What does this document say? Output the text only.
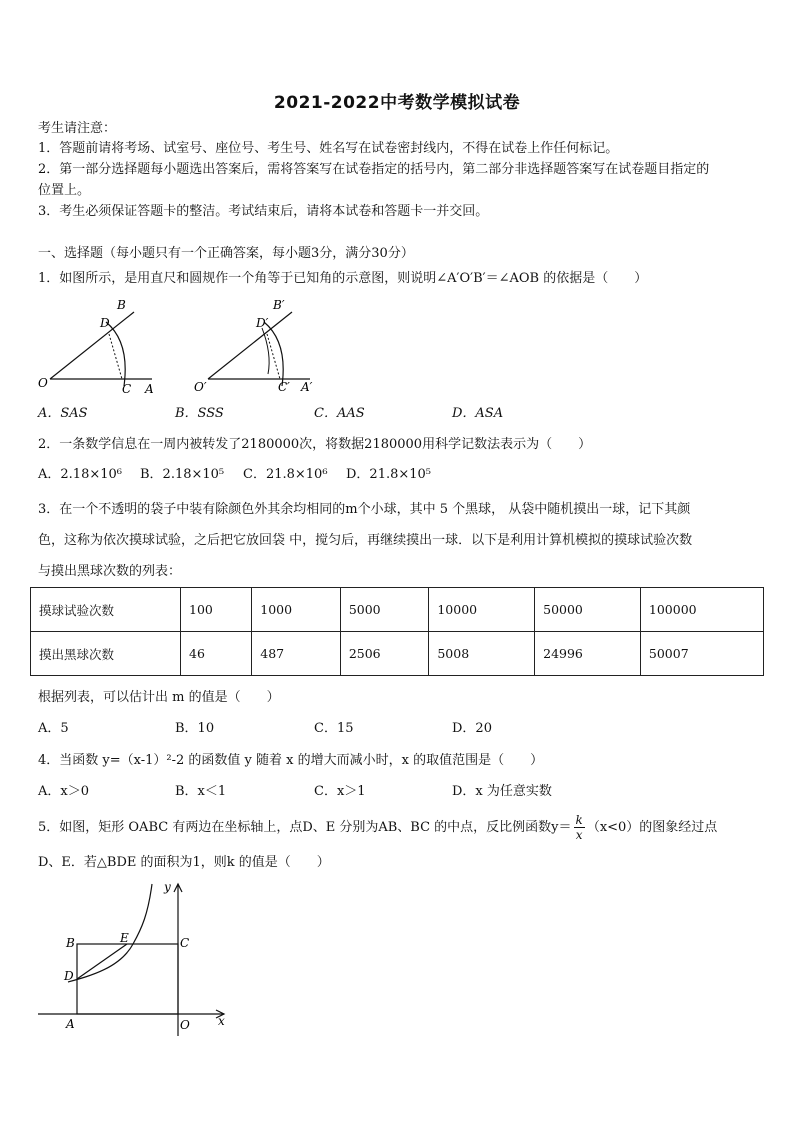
2021-2022中考数学模拟试卷
考生请注意：
1．答题前请将考场、试室号、座位号、考生号、姓名写在试卷密封线内，不得在试卷上作任何标记。
2．第一部分选择题每小题选出答案后，需将答案写在试卷指定的括号内，第二部分非选择题答案写在试卷题目指定的
位置上。
3．考生必须保证答题卡的整洁。考试结束后，请将本试卷和答题卡一并交回。
一、选择题（每小题只有一个正确答案，每小题3分，满分30分）
1．如图所示，是用直尺和圆规作一个角等于已知角的示意图，则说明∠A′O′B′＝∠AOB 的依据是（　　）
B
D
O	C A
B′
D′
O′	C′ A′
A．SAS	B．SSS	C．AAS	D．ASA
2．一条数学信息在一周内被转发了2180000次，将数据2180000用科学记数法表示为（　　）
A．2.18×10⁶ B．2.18×10⁵ C．21.8×10⁶ D．21.8×10⁵
3．在一个不透明的袋子中装有除颜色外其余均相同的m个小球，其中 5 个黑球， 从袋中随机摸出一球，记下其颜
色，这称为依次摸球试验，之后把它放回袋 中，搅匀后，再继续摸出一球．以下是利用计算机模拟的摸球试验次数
与摸出黑球次数的列表：
摸球试验次数	100	1000	5000	10000	50000	100000
摸出黑球次数	46	487	2506	5008	24996	50007
根据列表，可以估计出 m 的值是（　　）
A．5	B．10	C．15	D．20
4．当函数 y=（x-1）²-2 的函数值 y 随着 x 的增大而减小时，x 的取值范围是（　　）
A．x＞0	B．x＜1	C．x＞1	D．x 为任意实数
5．如图，矩形 OABC 有两边在坐标轴上，点D、E 分别为AB、BC 的中点，反比例函数$y= \frac{k}{x} (x<0)$的图象经过点
D、E．若△BDE 的面积为1，则k 的值是（　　）
y
x
B	E	C
D
A	O
